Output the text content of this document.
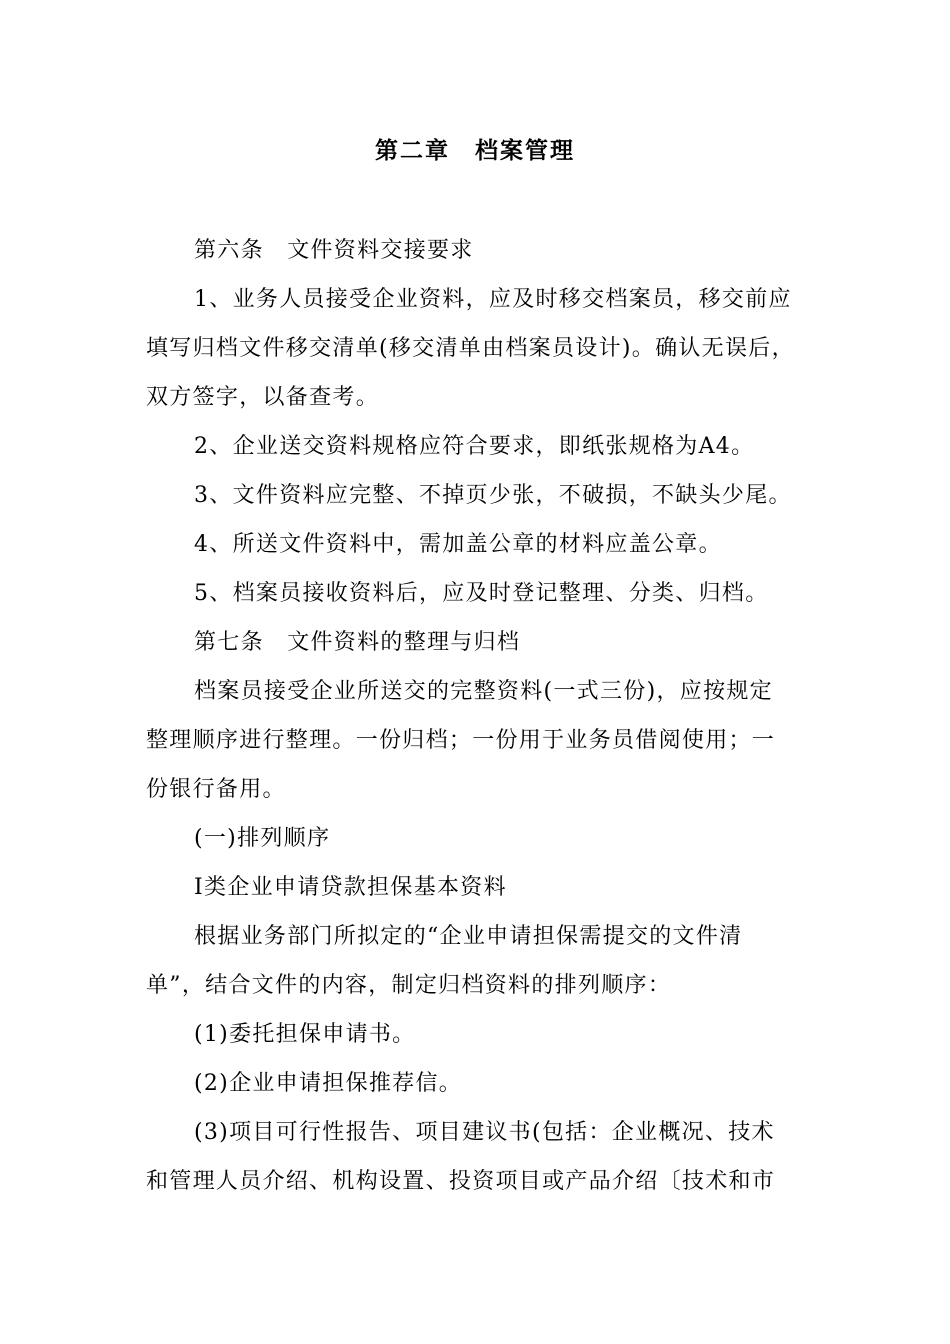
第二章　档案管理
第六条　文件资料交接要求
1、业务人员接受企业资料，应及时移交档案员，移交前应
填写归档文件移交清单(移交清单由档案员设计)。确认无误后，
双方签字，以备查考。
2、企业送交资料规格应符合要求，即纸张规格为A4。
3、文件资料应完整、不掉页少张，不破损，不缺头少尾。
4、所送文件资料中，需加盖公章的材料应盖公章。
5、档案员接收资料后，应及时登记整理、分类、归档。
第七条　文件资料的整理与归档
档案员接受企业所送交的完整资料(一式三份)，应按规定
整理顺序进行整理。一份归档；一份用于业务员借阅使用；一
份银行备用。
(一)排列顺序
Ⅰ类企业申请贷款担保基本资料
根据业务部门所拟定的“企业申请担保需提交的文件清
单”，结合文件的内容，制定归档资料的排列顺序：
(1)委托担保申请书。
(2)企业申请担保推荐信。
(3)项目可行性报告、项目建议书(包括：企业概况、技术
和管理人员介绍、机构设置、投资项目或产品介绍〔技术和市
